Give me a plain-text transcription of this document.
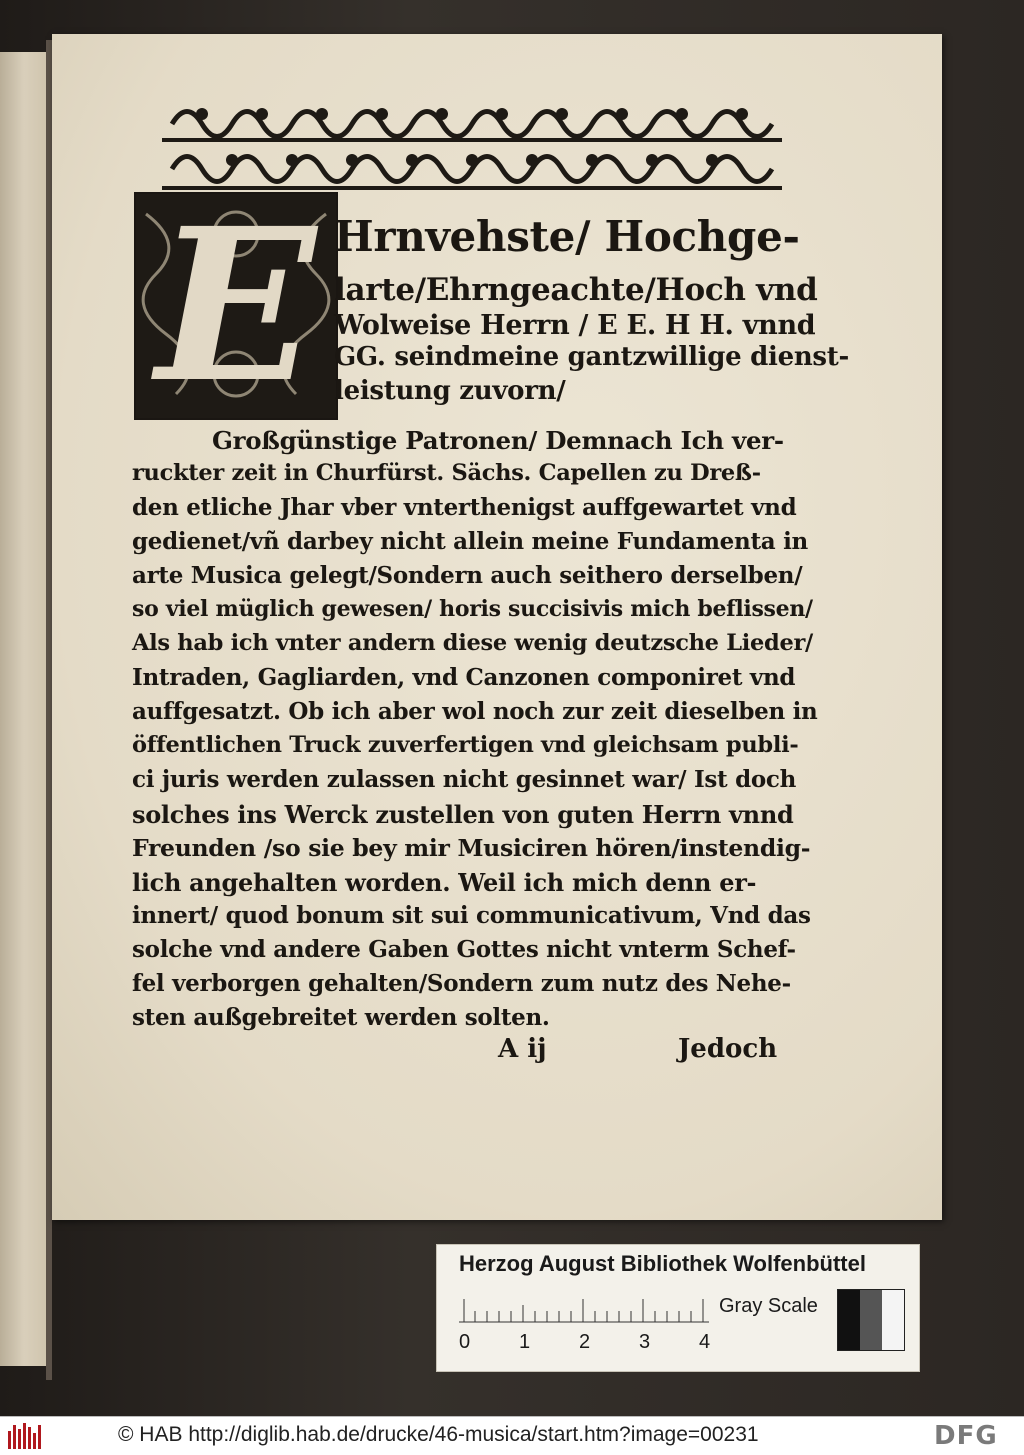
E Hrnvehste/ Hochge-
larte/Ehrngeachte/Hoch vnd
Wolweise Herrn / E E. H H. vnnd
GG. seindmeine gantzwillige dienst-
leistung zuvorn/
Großgünstige Patronen/ Demnach Ich ver-
ruckter zeit in Churfürst. Sächs. Capellen zu Dreß-
den etliche Jhar vber vnterthenigst auffgewartet vnd
gedienet/vñ darbey nicht allein meine Fundamenta in
arte Musica gelegt/Sondern auch seithero derselben/
so viel müglich gewesen/ horis succisivis mich beflissen/
Als hab ich vnter andern diese wenig deutzsche Lieder/
Intraden, Gagliarden, vnd Canzonen componiret vnd
auffgesatzt. Ob ich aber wol noch zur zeit dieselben in
öffentlichen Truck zuverfertigen vnd gleichsam publi-
ci juris werden zulassen nicht gesinnet war/ Ist doch
solches ins Werck zustellen von guten Herrn vnnd
Freunden /so sie bey mir Musiciren hören/instendig-
lich angehalten worden. Weil ich mich denn er-
innert/ quod bonum sit sui communicativum, Vnd das
solche vnd andere Gaben Gottes nicht vnterm Schef-
fel verborgen gehalten/Sondern zum nutz des Nehe-
sten außgebreitet werden solten.
A ij	Jedoch
Herzog August Bibliothek Wolfenbüttel
0 1 2 3 4
Gray Scale
© HAB http://diglib.hab.de/drucke/46-musica/start.htm?image=00231	DFG
